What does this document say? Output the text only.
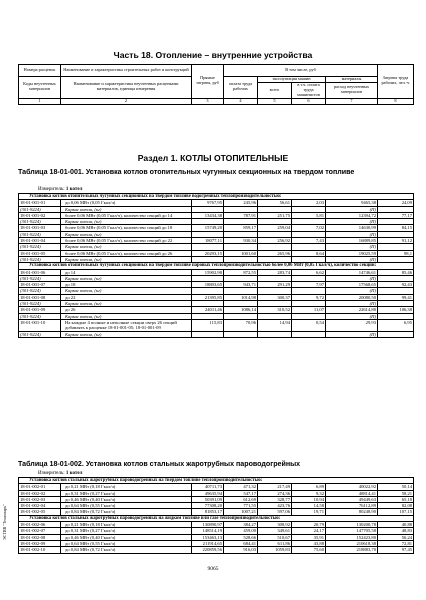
Часть 18. Отопление – внутренние устройства
Номера расценок	Наименование и характеристика строительных работ и конструкций	Прямые затраты, руб	В том числе, руб				Затраты труда рабочих, чел.-ч
Коды неучтенных материалов	Наименование и характеристика неучтенных расценками материалов, единица измерения		оплата труда рабочих	эксплуатация машин		материалы	
				всего	в т.ч. оплата труда машинистов	расход неучтенных материалов	

1	2	3	4	5	6	7	8
Раздел 1. КОТЛЫ ОТОПИТЕЛЬНЫЕ
Таблица 18-01-001. Установка котлов отопительных чугунных секционных на твердом топливе
Измеритель: 1 котел
Установка котлов отопительных чугунных секционных на твердом топливе водогрейных теплопроизводительностью:							
18-01-001-01	до 0,06 МВт (0,05 Гкал/ч)	9767,95	245,96	56,61	2,03	9465,38	24,09
(301-9224)	Каркас котла, (кг)					(П)	
18-01-001-02	более 0,06 МВт (0,05 Гкал/ч), количество секций до 14	13434,38	787,91	251,75	5,81	12394,72	77,17
(301-9224)	Каркас котла, (кг)					(П)	
18-01-001-03	более 0,06 МВт (0,05 Гкал/ч), количество секций до 18	15749,20	859,17	259,04	7,02	14630,99	84,15
(301-9224)	Каркас котла, (кг)					(П)	
18-01-001-04	более 0,06 МВт (0,05 Гкал/ч), количество секций до 22	18077,11	930,34	256,92	7,43	16889,85	91,12
(301-9224)	Каркас котла, (кг)					(П)	
18-01-001-05	более 0,06 МВт (0,05 Гкал/ч), количество секций до 26	20293,15	1001,60	265,96	8,64	19025,59	98,1
(301-9224)	Каркас котла, (кг)					(П)	
Установка котлов отопительных чугунных секционных на твердом топливе паровых теплопроизводительностью более 0,06 МВт (0,05 Гкал/ч), количество секций:							
18-01-001-06	до 14	15902,90	872,55	283,74	6,62	14746,61	85,46
(301-9224)	Каркас котла, (кг)					(П)	
18-01-001-07	до 18	18803,65	943,71	291,29	7,97	17568,65	92,43
(301-9224)	Каркас котла, (кг)					(П)	
18-01-001-08	до 22	21395,85	1014,98	300,37	9,72	20080,50	99,41
(301-9224)	Каркас котла, (кг)					(П)	
18-01-001-09	до 26	24011,46	1086,14	310,52	11,07	22614,80	106,38
(301-9224)	Каркас котла, (кг)					(П)	
18-01-001-10	На каждые 4 полные и неполные секции сверх 26 секций добавлять к расценке 18-01-001-05; 18-01-001-09	115,83	70,96	14,94	0,54	29,93	6,95
(301-9224)	Каркас котла, (кг)					(П)	
Таблица 18-01-002. Установка котлов стальных жаротрубных пароводогрейных
Измеритель: 1 котел
Установка котлов стальных жаротрубных пароводогрейных на твердом топливе теплопроизводительностью:							
18-01-002-01	до 0,21 МВт (0,18 Гкал/ч)	40711,73	471,32	217,49	6,89	40022,92	50,14
18-01-002-02	до 0,31 МВт (0,27 Гкал/ч)	49635,94	547,17	274,36	9,32	48814,41	58,21
18-01-002-03	до 0,46 МВт (0,40 Гкал/ч)	50391,09	612,69	328,77	10,94	49449,63	65,18
18-01-002-04	до 0,64 МВт (0,55 Гкал/ч)	77308,20	771,55	423,76	14,58	76112,89	82,08
18-01-002-05	до 0,84 МВт (0,72 Гкал/ч)	81853,17	1007,21	597,06	19,71	80248,90	107,15
Установка котлов стальных жаротрубных пароводогрейных на жидком топливе или газе теплопроизводительностью:							
18-01-002-06	до 0,21 МВт (0,18 Гкал/ч)	130890,97	384,27	308,92	20,79	130200,78	40,88
18-01-002-07	до 0,31 МВт (0,27 Гкал/ч)	148514,19	459,00	349,61	24,17	147705,58	48,83
18-01-002-08	до 0,46 МВт (0,40 Гкал/ч)	153463,13	528,66	510,67	35,91	152423,80	56,24
18-01-002-09	до 0,64 МВт (0,55 Гкал/ч)	211914,65	684,41	611,86	43,88	210618,38	72,81
18-01-002-10	до 0,84 МВт (0,72 Гкал/ч)	220859,56	916,03	1059,83	75,60	218883,70	97,45
9065
ЭСТИВ "Технопарк"
